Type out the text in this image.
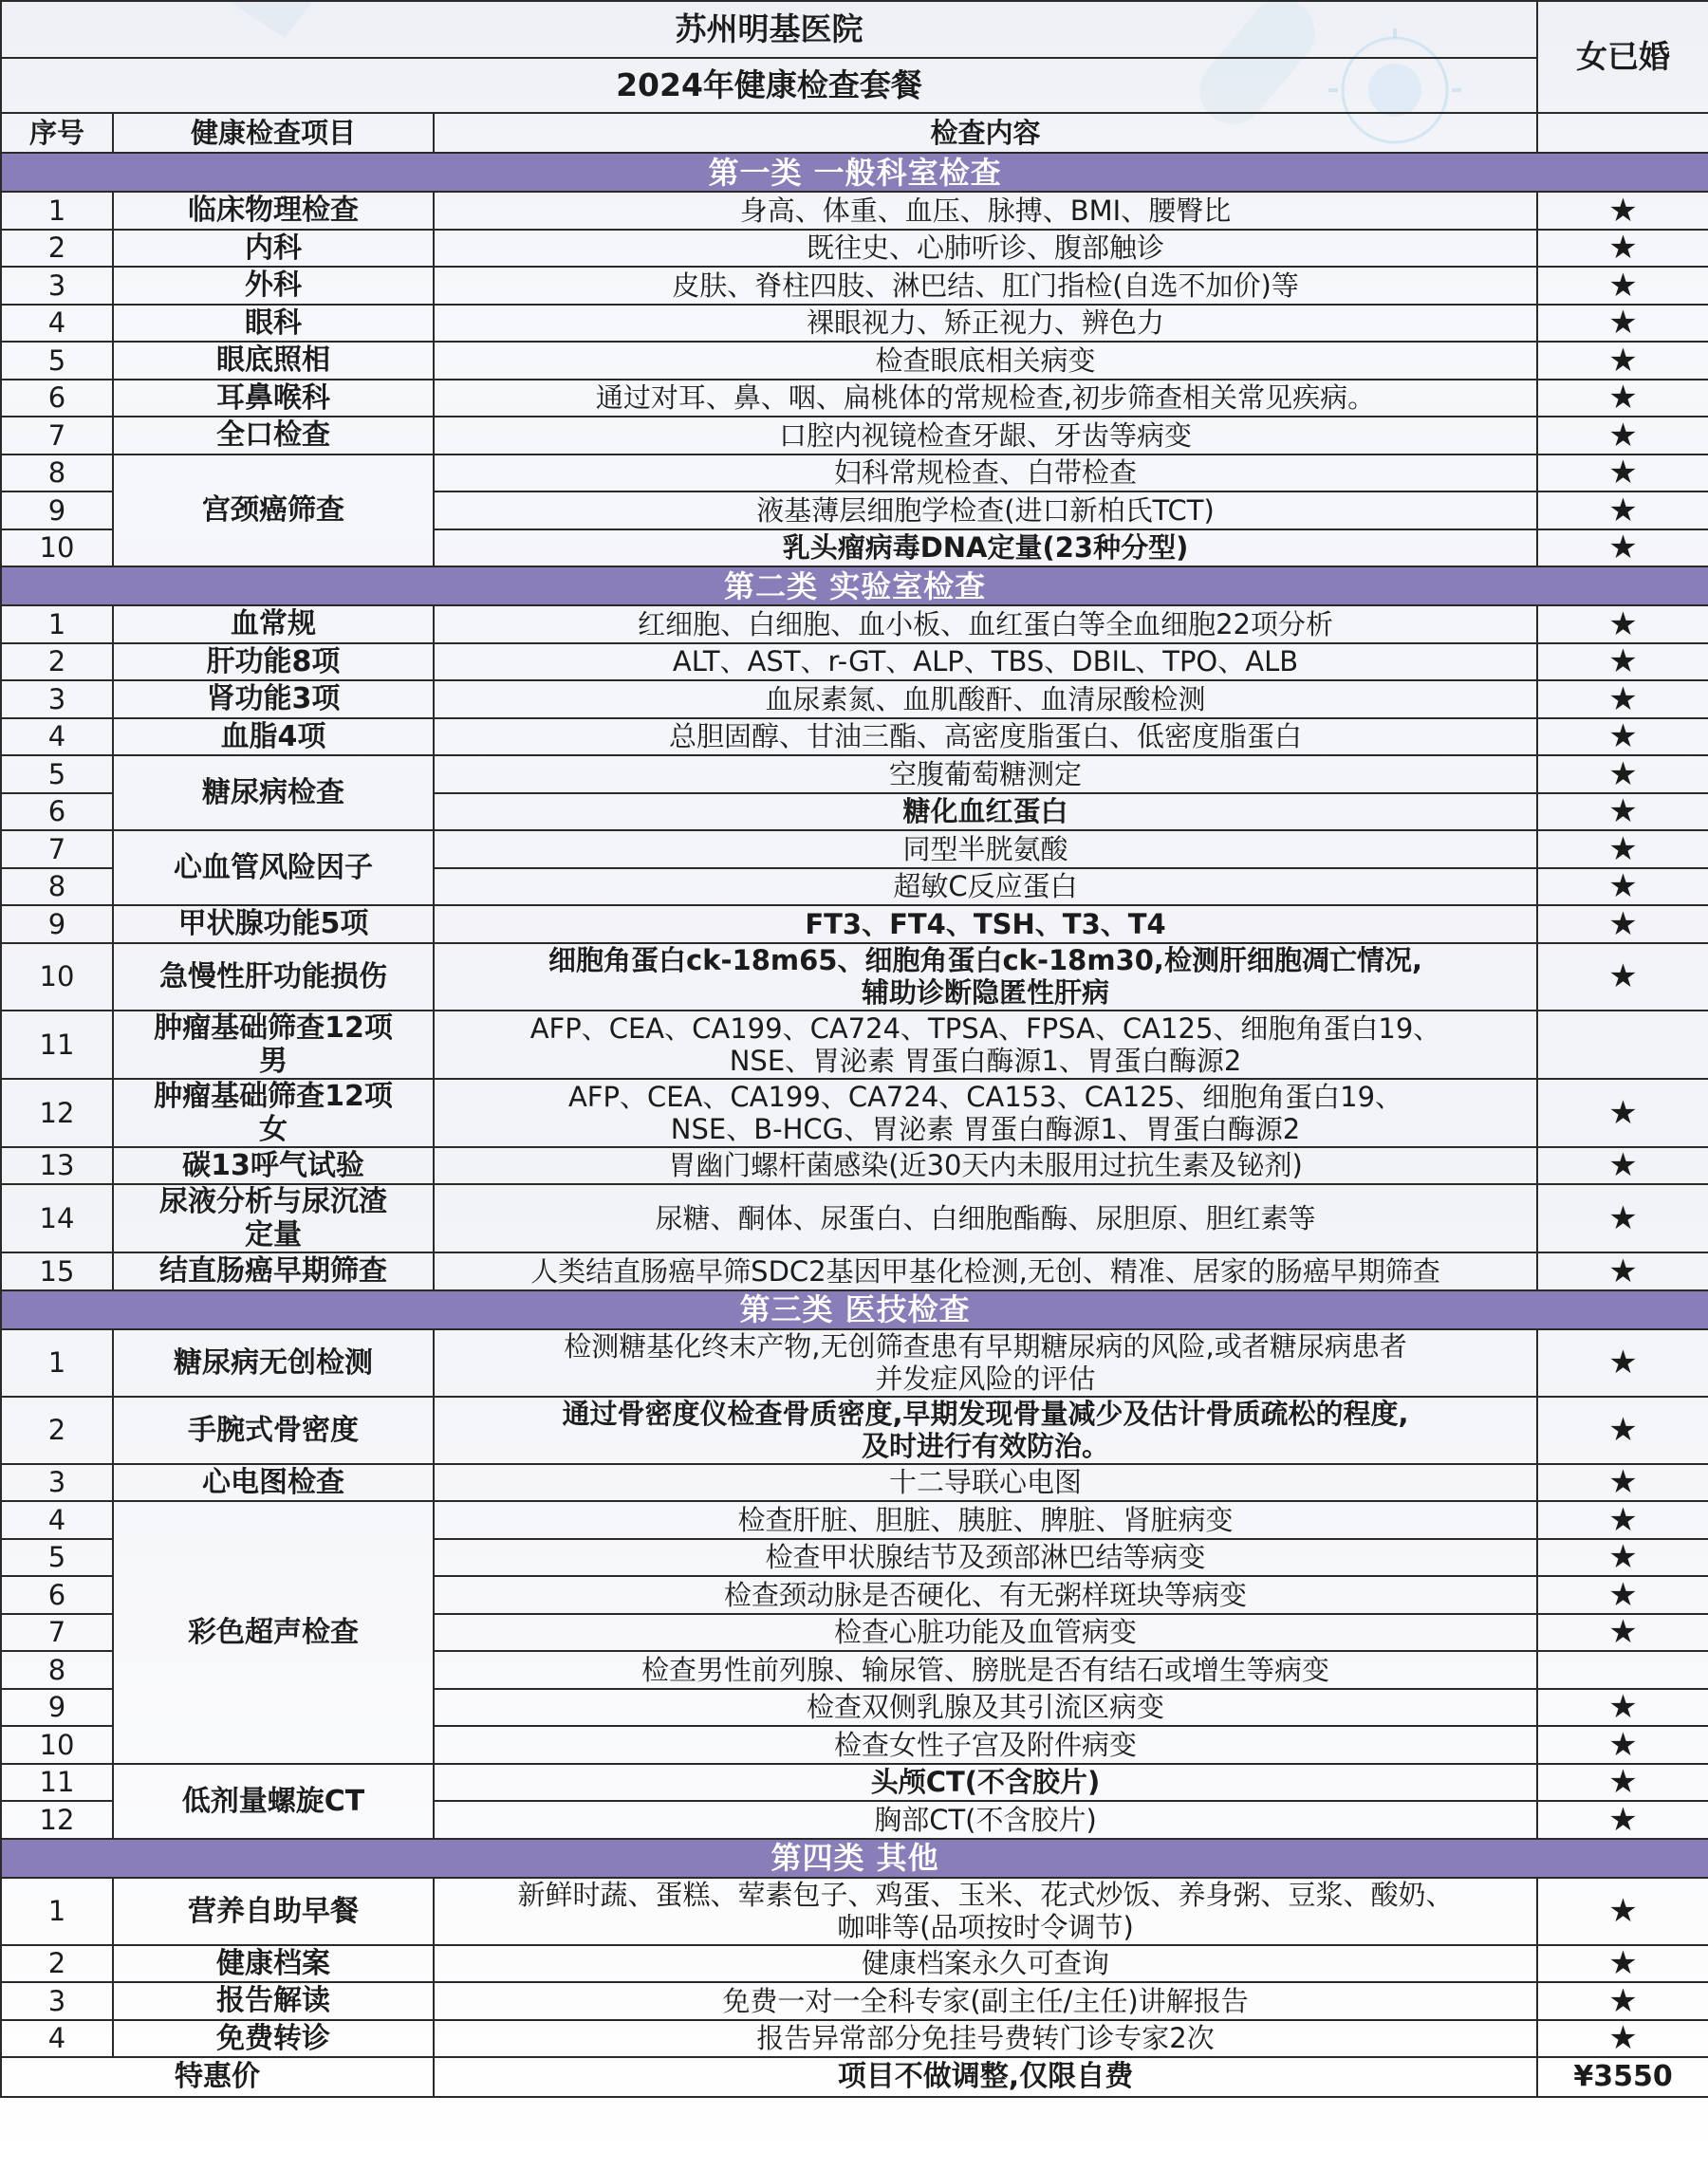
苏州明基医院			女已婚
2024年健康检查套餐			
序号	健康检查项目	检查内容	
第一类 一般科室检查			
1	临床物理检查	身高、体重、血压、脉搏、BMI、腰臀比	★
2	内科	既往史、心肺听诊、腹部触诊	★
3	外科	皮肤、脊柱四肢、淋巴结、肛门指检(自选不加价)等	★
4	眼科	裸眼视力、矫正视力、辨色力	★
5	眼底照相	检查眼底相关病变	★
6	耳鼻喉科	通过对耳、鼻、咽、扁桃体的常规检查,初步筛查相关常见疾病。	★
7	全口检查	口腔内视镜检查牙龈、牙齿等病变	★
8	宫颈癌筛查	妇科常规检查、白带检查	★
9		液基薄层细胞学检查(进口新柏氏TCT)	★
10		乳头瘤病毒DNA定量(23种分型)	★
第二类 实验室检查			
1	血常规	红细胞、白细胞、血小板、血红蛋白等全血细胞22项分析	★
2	肝功能8项	ALT、AST、r-GT、ALP、TBS、DBIL、TPO、ALB	★
3	肾功能3项	血尿素氮、血肌酸酐、血清尿酸检测	★
4	血脂4项	总胆固醇、甘油三酯、高密度脂蛋白、低密度脂蛋白	★
5	糖尿病检查	空腹葡萄糖测定	★
6		糖化血红蛋白	★
7	心血管风险因子	同型半胱氨酸	★
8		超敏C反应蛋白	★
9	甲状腺功能5项	FT3、FT4、TSH、T3、T4	★
10	急慢性肝功能损伤	细胞角蛋白ck-18m65、细胞角蛋白ck-18m30,检测肝细胞凋亡情况,
辅助诊断隐匿性肝病	★
11	肿瘤基础筛查12项
男	AFP、CEA、CA199、CA724、TPSA、FPSA、CA125、细胞角蛋白19、
NSE、胃泌素 胃蛋白酶源1、胃蛋白酶源2	
12	肿瘤基础筛查12项
女	AFP、CEA、CA199、CA724、CA153、CA125、细胞角蛋白19、
NSE、B-HCG、胃泌素 胃蛋白酶源1、胃蛋白酶源2	★
13	碳13呼气试验	胃幽门螺杆菌感染(近30天内未服用过抗生素及铋剂)	★
14	尿液分析与尿沉渣
定量	尿糖、酮体、尿蛋白、白细胞酯酶、尿胆原、胆红素等	★
15	结直肠癌早期筛查	人类结直肠癌早筛SDC2基因甲基化检测,无创、精准、居家的肠癌早期筛查	★
第三类 医技检查			
1	糖尿病无创检测	检测糖基化终末产物,无创筛查患有早期糖尿病的风险,或者糖尿病患者
并发症风险的评估	★
2	手腕式骨密度	通过骨密度仪检查骨质密度,早期发现骨量减少及估计骨质疏松的程度,
及时进行有效防治。	★
3	心电图检查	十二导联心电图	★
4	彩色超声检查	检查肝脏、胆脏、胰脏、脾脏、肾脏病变	★
5		检查甲状腺结节及颈部淋巴结等病变	★
6		检查颈动脉是否硬化、有无粥样斑块等病变	★
7		检查心脏功能及血管病变	★
8		检查男性前列腺、输尿管、膀胱是否有结石或增生等病变	
9		检查双侧乳腺及其引流区病变	★
10		检查女性子宫及附件病变	★
11	低剂量螺旋CT	头颅CT(不含胶片)	★
12		胸部CT(不含胶片)	★
第四类 其他			
1	营养自助早餐	新鲜时蔬、蛋糕、荤素包子、鸡蛋、玉米、花式炒饭、养身粥、豆浆、酸奶、
咖啡等(品项按时令调节)	★
2	健康档案	健康档案永久可查询	★
3	报告解读	免费一对一全科专家(副主任/主任)讲解报告	★
4	免费转诊	报告异常部分免挂号费转门诊专家2次	★
特惠价		项目不做调整,仅限自费	¥3550
